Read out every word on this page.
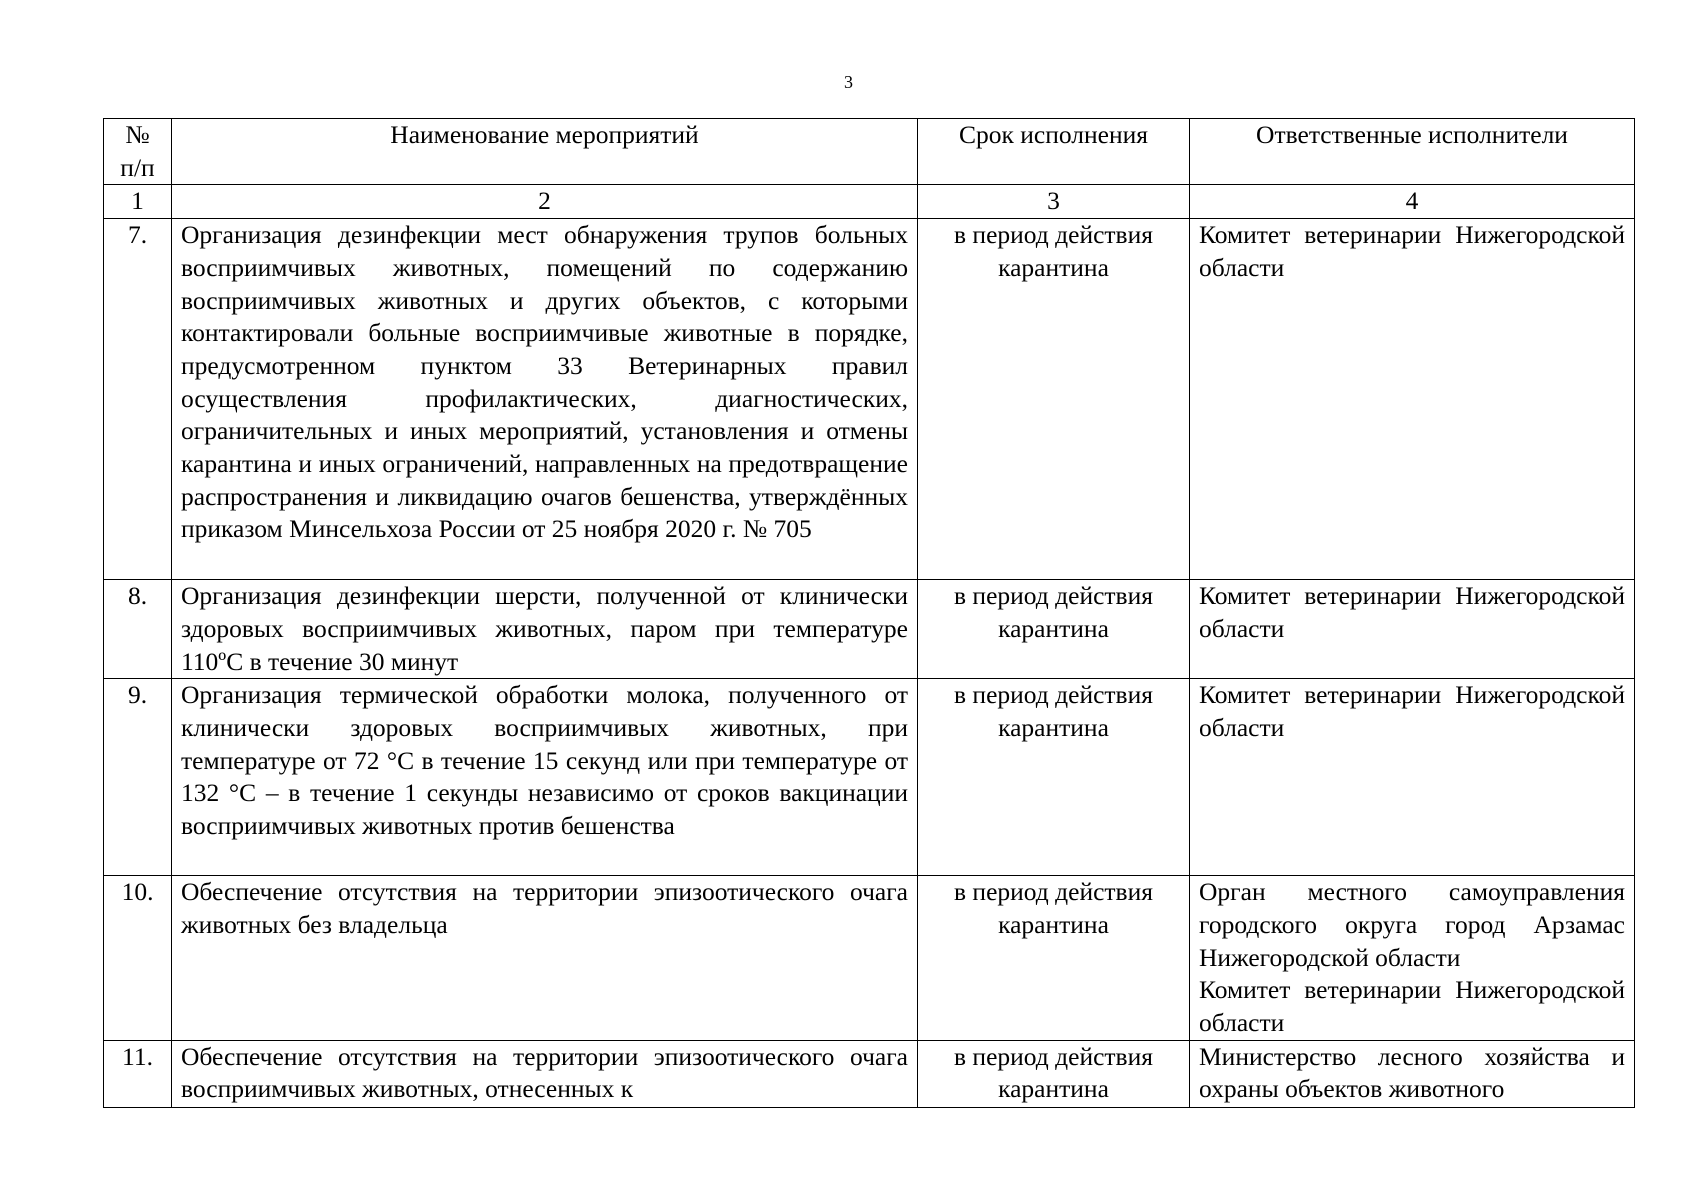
3
№ п/п	Наименование мероприятий	Срок исполнения	Ответственные исполнители
1	2	3	4
7.	Организация дезинфекции мест обнаружения трупов больных восприимчивых животных, помещений по содержанию восприимчивых животных и других объектов, с которыми контактировали больные восприимчивые животные в порядке, предусмотренном пунктом 33 Ветеринарных правил осуществления профилактических, диагностических, ограничительных и иных мероприятий, установления и отмены карантина и иных ограничений, направленных на предотвращение распространения и ликвидацию очагов бешенства, утверждённых приказом Минсельхоза России от 25 ноября 2020 г. № 705	в период действия карантина	Комитет ветеринарии Нижегородской области

8.	Организация дезинфекции шерсти, полученной от клинически здоровых восприимчивых животных, паром при температуре 110ºC в течение 30 минут	в период действия карантина	Комитет ветеринарии Нижегородской области

9.	Организация термической обработки молока, полученного от клинически здоровых восприимчивых животных, при температуре от 72 °C в течение 15 секунд или при температуре от 132 °C – в течение 1 секунды независимо от сроков вакцинации восприимчивых животных против бешенства	в период действия карантина	Комитет ветеринарии Нижегородской области

10.	Обеспечение отсутствия на территории эпизоотического очага животных без владельца	в период действия карантина	Орган местного самоуправления городского округа город Арзамас Нижегородской области
Комитет ветеринарии Нижегородской области

11.	Обеспечение отсутствия на территории эпизоотического очага восприимчивых животных, отнесенных к	в период действия карантина	Министерство лесного хозяйства и охраны объектов животного
